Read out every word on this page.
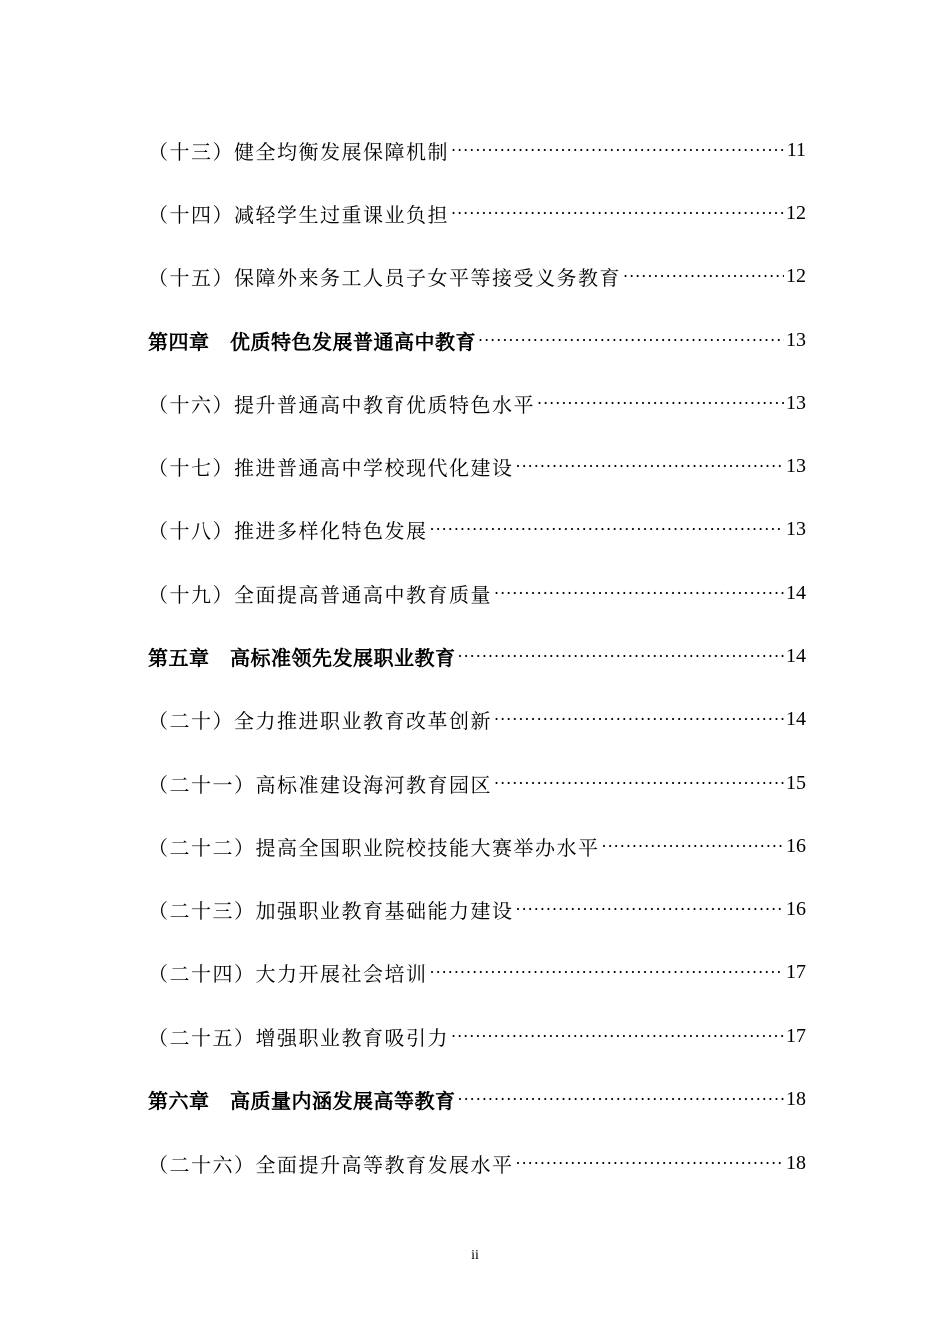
（十三）健全均衡发展保障机制 ·····	11
（十四）减轻学生过重课业负担 ·····	12
（十五）保障外来务工人员子女平等接受义务教育 ·····	12
第四章　优质特色发展普通高中教育 ·····	13
（十六）提升普通高中教育优质特色水平 ·····	13
（十七）推进普通高中学校现代化建设 ·····	13
（十八）推进多样化特色发展 ·····	13
（十九）全面提高普通高中教育质量 ·····	14
第五章　高标准领先发展职业教育 ·····	14
（二十）全力推进职业教育改革创新 ·····	14
（二十一）高标准建设海河教育园区 ·····	15
（二十二）提高全国职业院校技能大赛举办水平 ·····	16
（二十三）加强职业教育基础能力建设 ·····	16
（二十四）大力开展社会培训 ·····	17
（二十五）增强职业教育吸引力 ·····	17
第六章　高质量内涵发展高等教育 ·····	18
（二十六）全面提升高等教育发展水平 ·····	18
ii
